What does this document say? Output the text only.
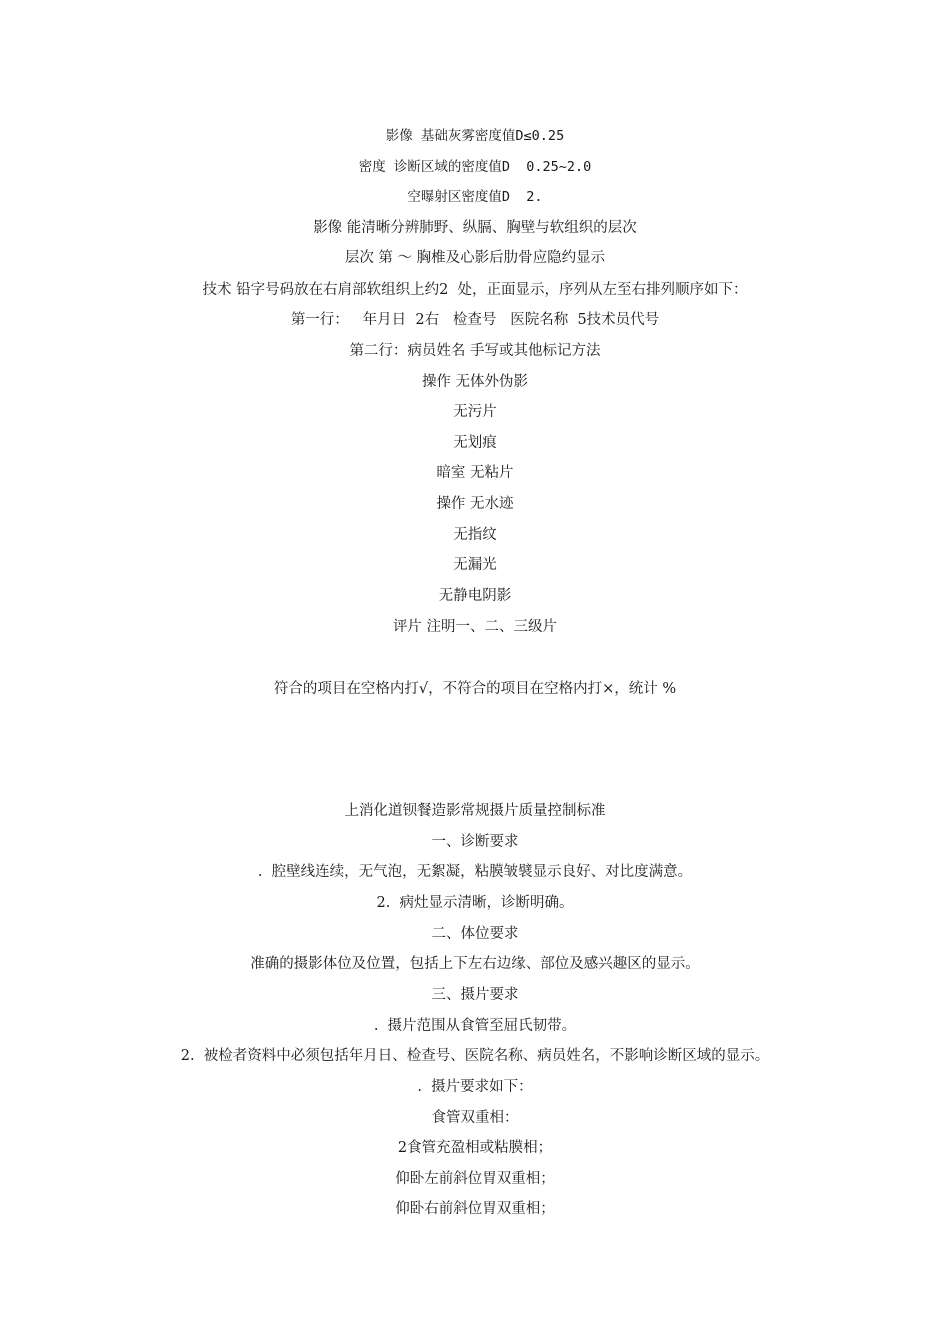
影像 基础灰雾密度值D≤0.25
密度 诊断区域的密度值D  0.25~2.0
空曝射区密度值D  2.
影像 能清晰分辨肺野、纵膈、胸壁与软组织的层次
层次 第 ～ 胸椎及心影后肋骨应隐约显示
技术 铅字号码放在右肩部软组织上约2  处，正面显示，序列从左至右排列顺序如下：
第一行：   年月日  2右   检查号   医院名称  5技术员代号
第二行：病员姓名 手写或其他标记方法
操作 无体外伪影
无污片
无划痕
暗室 无粘片
操作 无水迹
无指纹
无漏光
无静电阴影
评片 注明一、二、三级片
符合的项目在空格内打√，不符合的项目在空格内打×，统计 %
上消化道钡餐造影常规摄片质量控制标准
一、诊断要求
.  腔壁线连续，无气泡，无絮凝，粘膜皱襞显示良好、对比度满意。
2.  病灶显示清晰，诊断明确。
二、体位要求
准确的摄影体位及位置，包括上下左右边缘、部位及感兴趣区的显示。
三、摄片要求
.  摄片范围从食管至屈氏韧带。
2.  被检者资料中必须包括年月日、检查号、医院名称、病员姓名，不影响诊断区域的显示。
.  摄片要求如下：
食管双重相：
2食管充盈相或粘膜相；
仰卧左前斜位胃双重相；
仰卧右前斜位胃双重相；
